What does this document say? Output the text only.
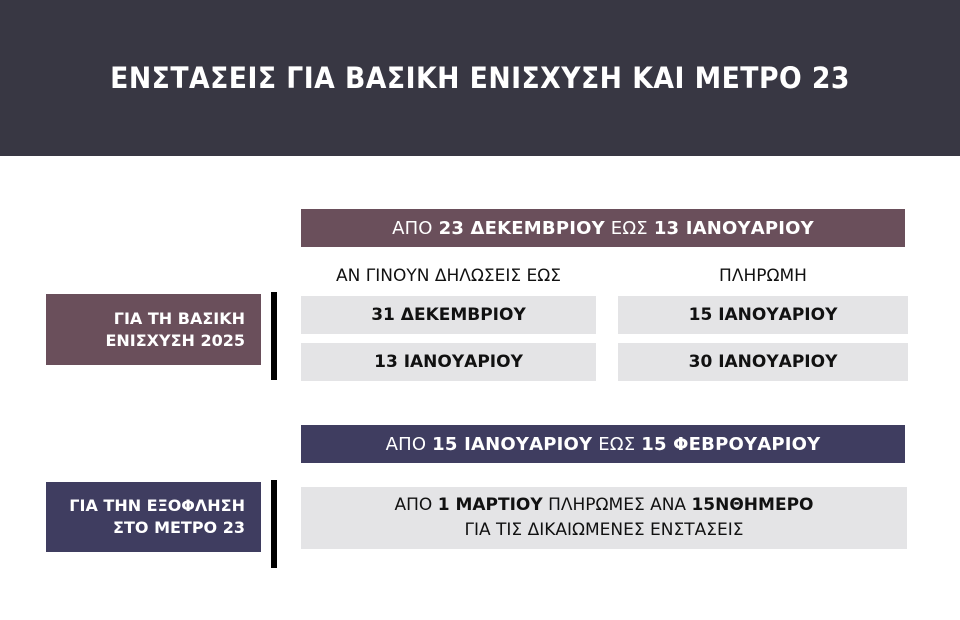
ΕΝΣΤΑΣΕΙΣ ΓΙΑ ΒΑΣΙΚΗ ΕΝΙΣΧΥΣΗ ΚΑΙ ΜΕΤΡΟ 23
ΑΠΟ 23 ΔΕΚΕΜΒΡΙΟΥ ΕΩΣ 13 ΙΑΝΟΥΑΡΙΟΥ
ΑΝ ΓΙΝΟΥΝ ΔΗΛΩΣΕΙΣ ΕΩΣ	ΠΛΗΡΩΜΗ
ΓΙΑ ΤΗ ΒΑΣΙΚΗ
ΕΝΙΣΧΥΣΗ 2025
31 ΔΕΚΕΜΒΡΙΟΥ	15 ΙΑΝΟΥΑΡΙΟΥ
13 ΙΑΝΟΥΑΡΙΟΥ	30 ΙΑΝΟΥΑΡΙΟΥ
ΑΠΟ 15 ΙΑΝΟΥΑΡΙΟΥ ΕΩΣ 15 ΦΕΒΡΟΥΑΡΙΟΥ
ΓΙΑ ΤΗΝ ΕΞΟΦΛΗΣΗ
ΣΤΟ ΜΕΤΡΟ 23
ΑΠΟ 1 ΜΑΡΤΙΟΥ ΠΛΗΡΩΜΕΣ ΑΝΑ 15ΝΘΗΜΕΡΟ
ΓΙΑ ΤΙΣ ΔΙΚΑΙΩΜΕΝΕΣ ΕΝΣΤΑΣΕΙΣ
